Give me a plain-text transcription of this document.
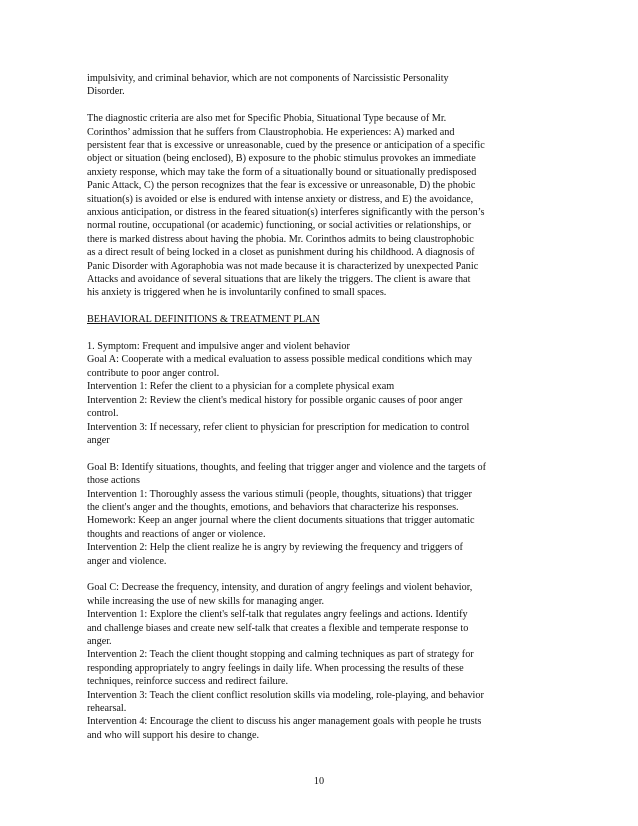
impulsivity, and criminal behavior, which are not components of Narcissistic Personality
Disorder.

The diagnostic criteria are also met for Specific Phobia, Situational Type because of Mr.
Corinthos’ admission that he suffers from Claustrophobia. He experiences: A) marked and
persistent fear that is excessive or unreasonable, cued by the presence or anticipation of a specific
object or situation (being enclosed), B) exposure to the phobic stimulus provokes an immediate
anxiety response, which may take the form of a situationally bound or situationally predisposed
Panic Attack, C) the person recognizes that the fear is excessive or unreasonable, D) the phobic
situation(s) is avoided or else is endured with intense anxiety or distress, and E) the avoidance,
anxious anticipation, or distress in the feared situation(s) interferes significantly with the person’s
normal routine, occupational (or academic) functioning, or social activities or relationships, or
there is marked distress about having the phobia. Mr. Corinthos admits to being claustrophobic
as a direct result of being locked in a closet as punishment during his childhood. A diagnosis of
Panic Disorder with Agoraphobia was not made because it is characterized by unexpected Panic
Attacks and avoidance of several situations that are likely the triggers. The client is aware that
his anxiety is triggered when he is involuntarily confined to small spaces.

BEHAVIORAL DEFINITIONS & TREATMENT PLAN

1. Symptom: Frequent and impulsive anger and violent behavior
Goal A: Cooperate with a medical evaluation to assess possible medical conditions which may
contribute to poor anger control.
Intervention 1: Refer the client to a physician for a complete physical exam
Intervention 2: Review the client's medical history for possible organic causes of poor anger
control.
Intervention 3: If necessary, refer client to physician for prescription for medication to control
anger

Goal B: Identify situations, thoughts, and feeling that trigger anger and violence and the targets of
those actions
Intervention 1: Thoroughly assess the various stimuli (people, thoughts, situations) that trigger
the client's anger and the thoughts, emotions, and behaviors that characterize his responses.
Homework: Keep an anger journal where the client documents situations that trigger automatic
thoughts and reactions of anger or violence.
Intervention 2: Help the client realize he is angry by reviewing the frequency and triggers of
anger and violence.

Goal C: Decrease the frequency, intensity, and duration of angry feelings and violent behavior,
while increasing the use of new skills for managing anger.
Intervention 1: Explore the client's self-talk that regulates angry feelings and actions. Identify
and challenge biases and create new self-talk that creates a flexible and temperate response to
anger.
Intervention 2: Teach the client thought stopping and calming techniques as part of strategy for
responding appropriately to angry feelings in daily life. When processing the results of these
techniques, reinforce success and redirect failure.
Intervention 3: Teach the client conflict resolution skills via modeling, role-playing, and behavior
rehearsal.
Intervention 4: Encourage the client to discuss his anger management goals with people he trusts
and who will support his desire to change.

10
